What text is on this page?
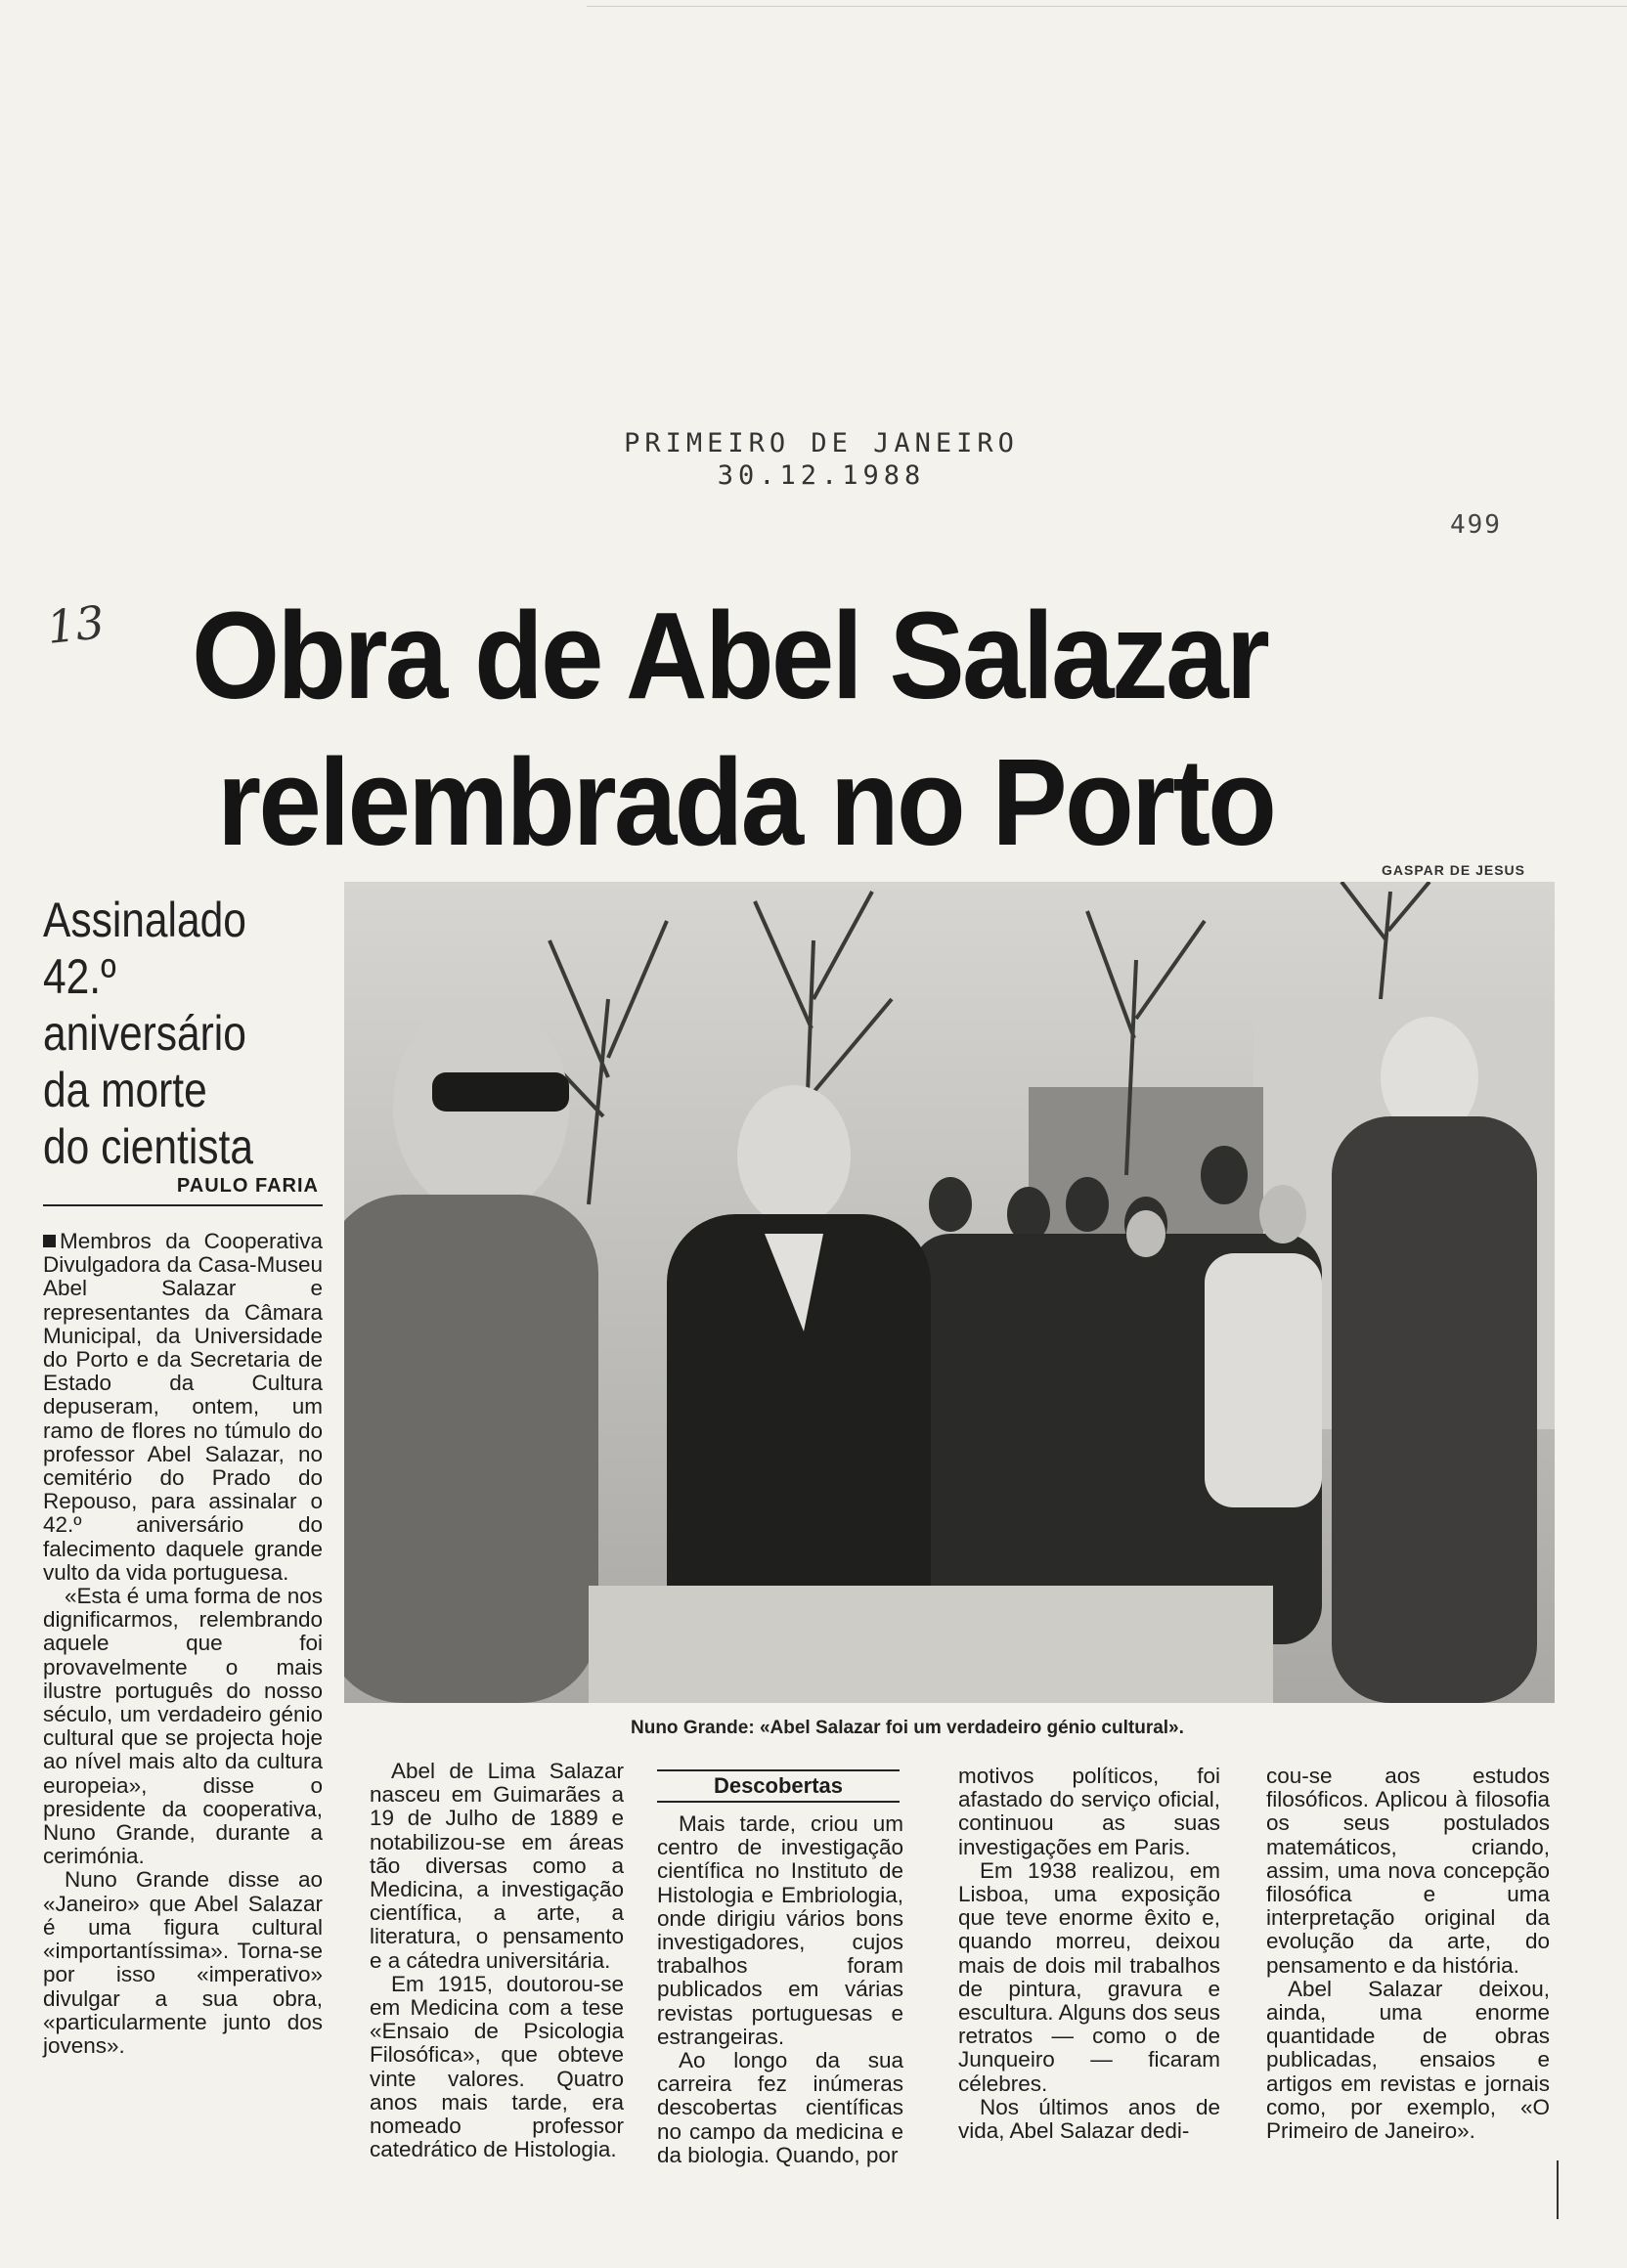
PRIMEIRO DE JANEIRO
30.12.1988
499
13 Obra de Abel Salazar
relembrada no Porto
Assinalado
42.º aniversário
da morte
do cientista
PAULO FARIA
GASPAR DE JESUS
Nuno Grande: «Abel Salazar foi um verdadeiro génio cultural».

Membros da Cooperativa Divulgadora da Casa-Museu Abel Salazar e representantes da Câmara Municipal, da Universidade do Porto e da Secretaria de Estado da Cultura depuseram, ontem, um ramo de flores no túmulo do professor Abel Salazar, no cemitério do Prado do Repouso, para assinalar o 42.º aniversário do falecimento daquele grande vulto da vida portuguesa.

«Esta é uma forma de nos dignificarmos, relembrando aquele que foi provavelmente o mais ilustre português do nosso século, um verdadeiro génio cultural que se projecta hoje ao nível mais alto da cultura europeia», disse o presidente da cooperativa, Nuno Grande, durante a cerimónia.

Nuno Grande disse ao «Janeiro» que Abel Salazar é uma figura cultural «importantíssima». Torna-se por isso «imperativo» divulgar a sua obra, «particularmente junto dos jovens».

Abel de Lima Salazar nasceu em Guimarães a 19 de Julho de 1889 e notabilizou-se em áreas tão diversas como a Medicina, a investigação científica, a arte, a literatura, o pensamento e a cátedra universitária.

Em 1915, doutorou-se em Medicina com a tese «Ensaio de Psicologia Filosófica», que obteve vinte valores. Quatro anos mais tarde, era nomeado professor catedrático de Histologia.

Descobertas

Mais tarde, criou um centro de investigação científica no Instituto de Histologia e Embriologia, onde dirigiu vários bons investigadores, cujos trabalhos foram publicados em várias revistas portuguesas e estrangeiras.

Ao longo da sua carreira fez inúmeras descobertas científicas no campo da medicina e da biologia. Quando, por

motivos políticos, foi afastado do serviço oficial, continuou as suas investigações em Paris.

Em 1938 realizou, em Lisboa, uma exposição que teve enorme êxito e, quando morreu, deixou mais de dois mil trabalhos de pintura, gravura e escultura. Alguns dos seus retratos — como o de Junqueiro — ficaram célebres.

Nos últimos anos de vida, Abel Salazar dedi-

cou-se aos estudos filosóficos. Aplicou à filosofia os seus postulados matemáticos, criando, assim, uma nova concepção filosófica e uma interpretação original da evolução da arte, do pensamento e da história.

Abel Salazar deixou, ainda, uma enorme quantidade de obras publicadas, ensaios e artigos em revistas e jornais como, por exemplo, «O Primeiro de Janeiro».
